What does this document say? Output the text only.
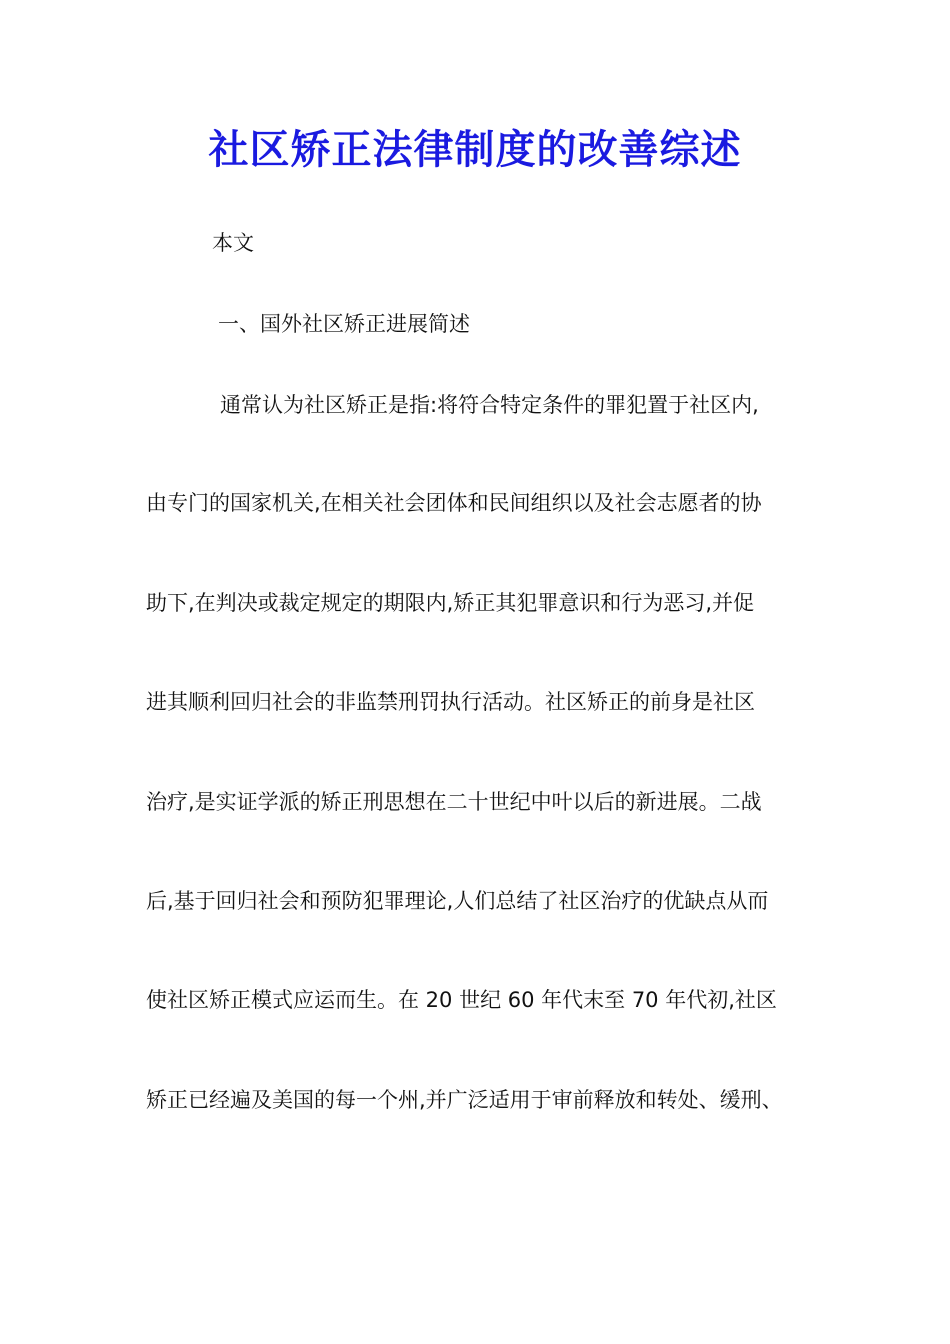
社区矫正法律制度的改善综述

本文

一、国外社区矫正进展简述

通常认为社区矫正是指:将符合特定条件的罪犯置于社区内,

由专门的国家机关,在相关社会团体和民间组织以及社会志愿者的协

助下,在判决或裁定规定的期限内,矫正其犯罪意识和行为恶习,并促

进其顺利回归社会的非监禁刑罚执行活动。社区矫正的前身是社区

治疗,是实证学派的矫正刑思想在二十世纪中叶以后的新进展。二战

后,基于回归社会和预防犯罪理论,人们总结了社区治疗的优缺点从而

使社区矫正模式应运而生。在 20 世纪 60 年代末至 70 年代初,社区

矫正已经遍及美国的每一个州,并广泛适用于审前释放和转处、缓刑、
